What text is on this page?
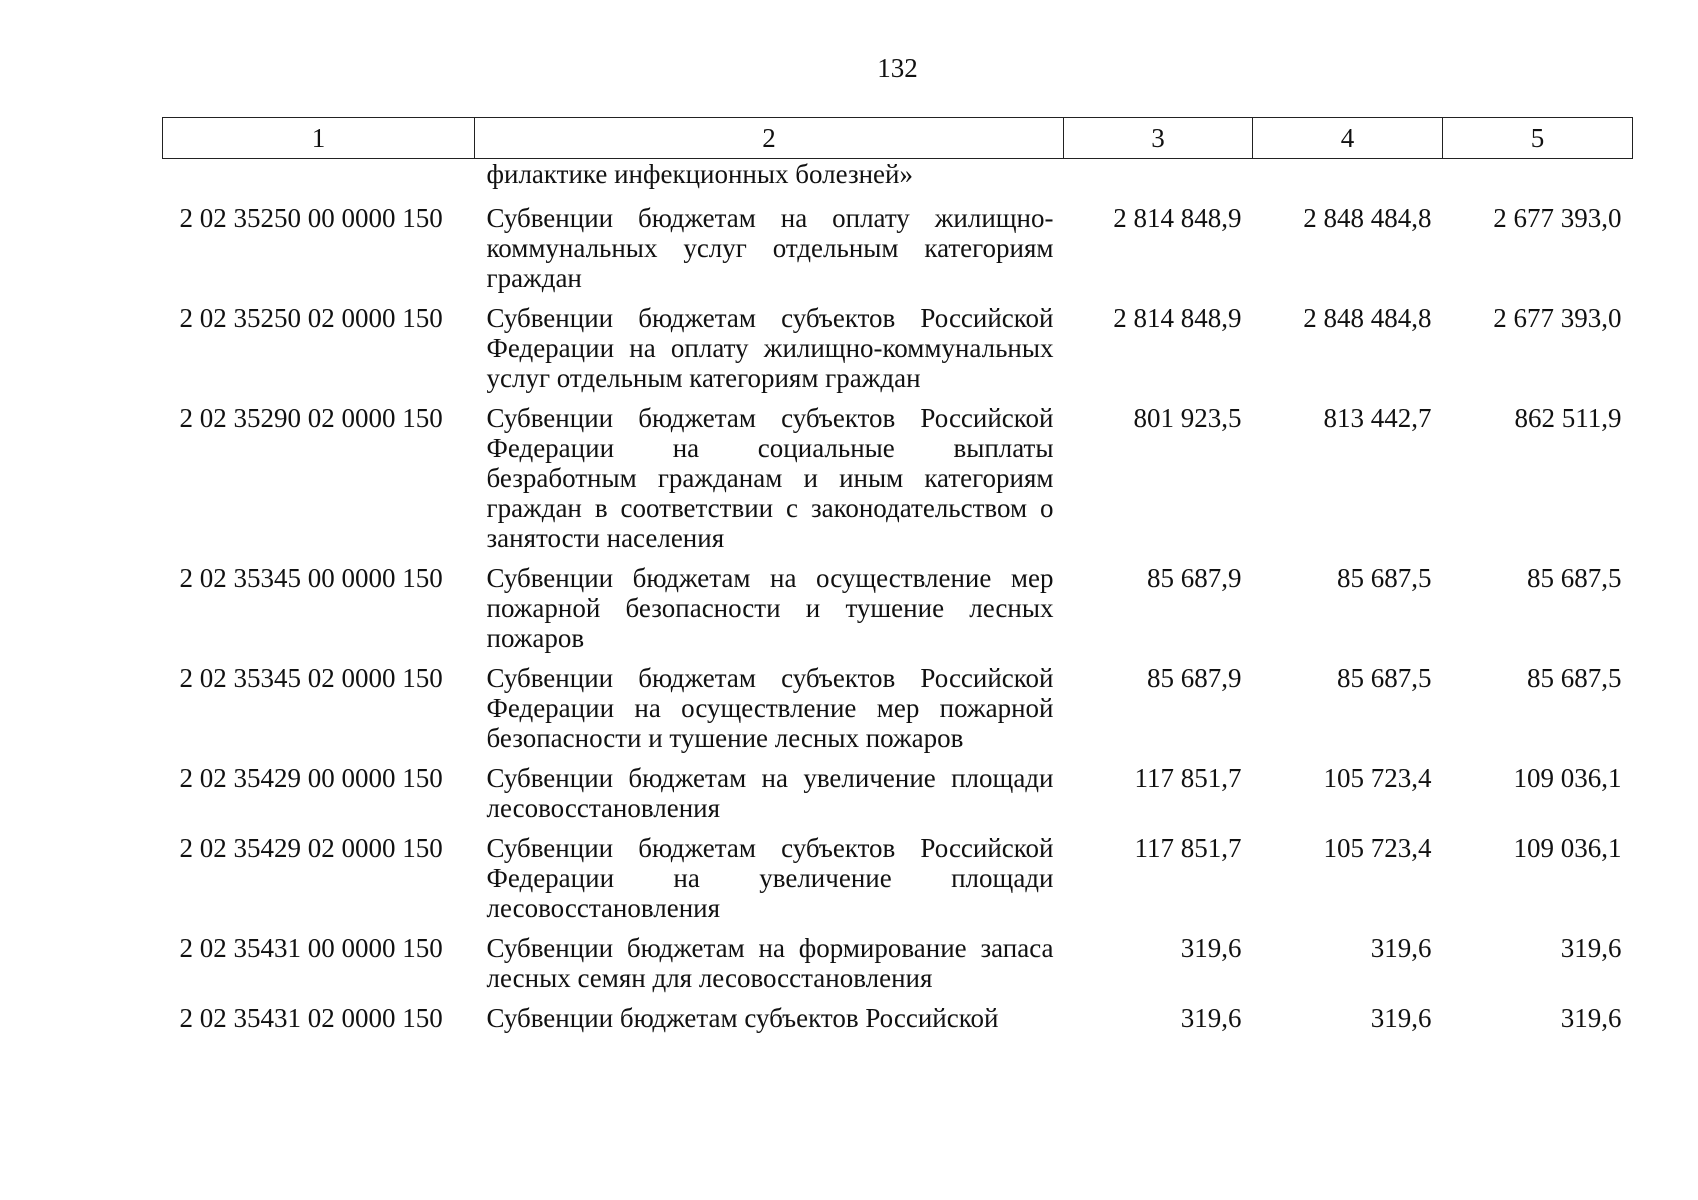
132
1	2	3	4	5
	филактике инфекционных болезней»			
2 02 35250 00 0000 150	Субвенции бюджетам на оплату жилищно-коммунальных услуг отдельным категориям граждан	2 814 848,9	2 848 484,8	2 677 393,0
2 02 35250 02 0000 150	Субвенции бюджетам субъектов Российской Федерации на оплату жилищно-коммунальных услуг отдельным категориям граждан	2 814 848,9	2 848 484,8	2 677 393,0
2 02 35290 02 0000 150	Субвенции бюджетам субъектов Российской Федерации на социальные выплаты безработным гражданам и иным категориям граждан в соответствии с законодательством о занятости населения	801 923,5	813 442,7	862 511,9
2 02 35345 00 0000 150	Субвенции бюджетам на осуществление мер пожарной безопасности и тушение лесных пожаров	85 687,9	85 687,5	85 687,5
2 02 35345 02 0000 150	Субвенции бюджетам субъектов Российской Федерации на осуществление мер пожарной безопасности и тушение лесных пожаров	85 687,9	85 687,5	85 687,5
2 02 35429 00 0000 150	Субвенции бюджетам на увеличение площади лесовосстановления	117 851,7	105 723,4	109 036,1
2 02 35429 02 0000 150	Субвенции бюджетам субъектов Российской Федерации на увеличение площади лесовосстановления	117 851,7	105 723,4	109 036,1
2 02 35431 00 0000 150	Субвенции бюджетам на формирование запаса лесных семян для лесовосстановления	319,6	319,6	319,6
2 02 35431 02 0000 150	Субвенции бюджетам субъектов Российской	319,6	319,6	319,6
